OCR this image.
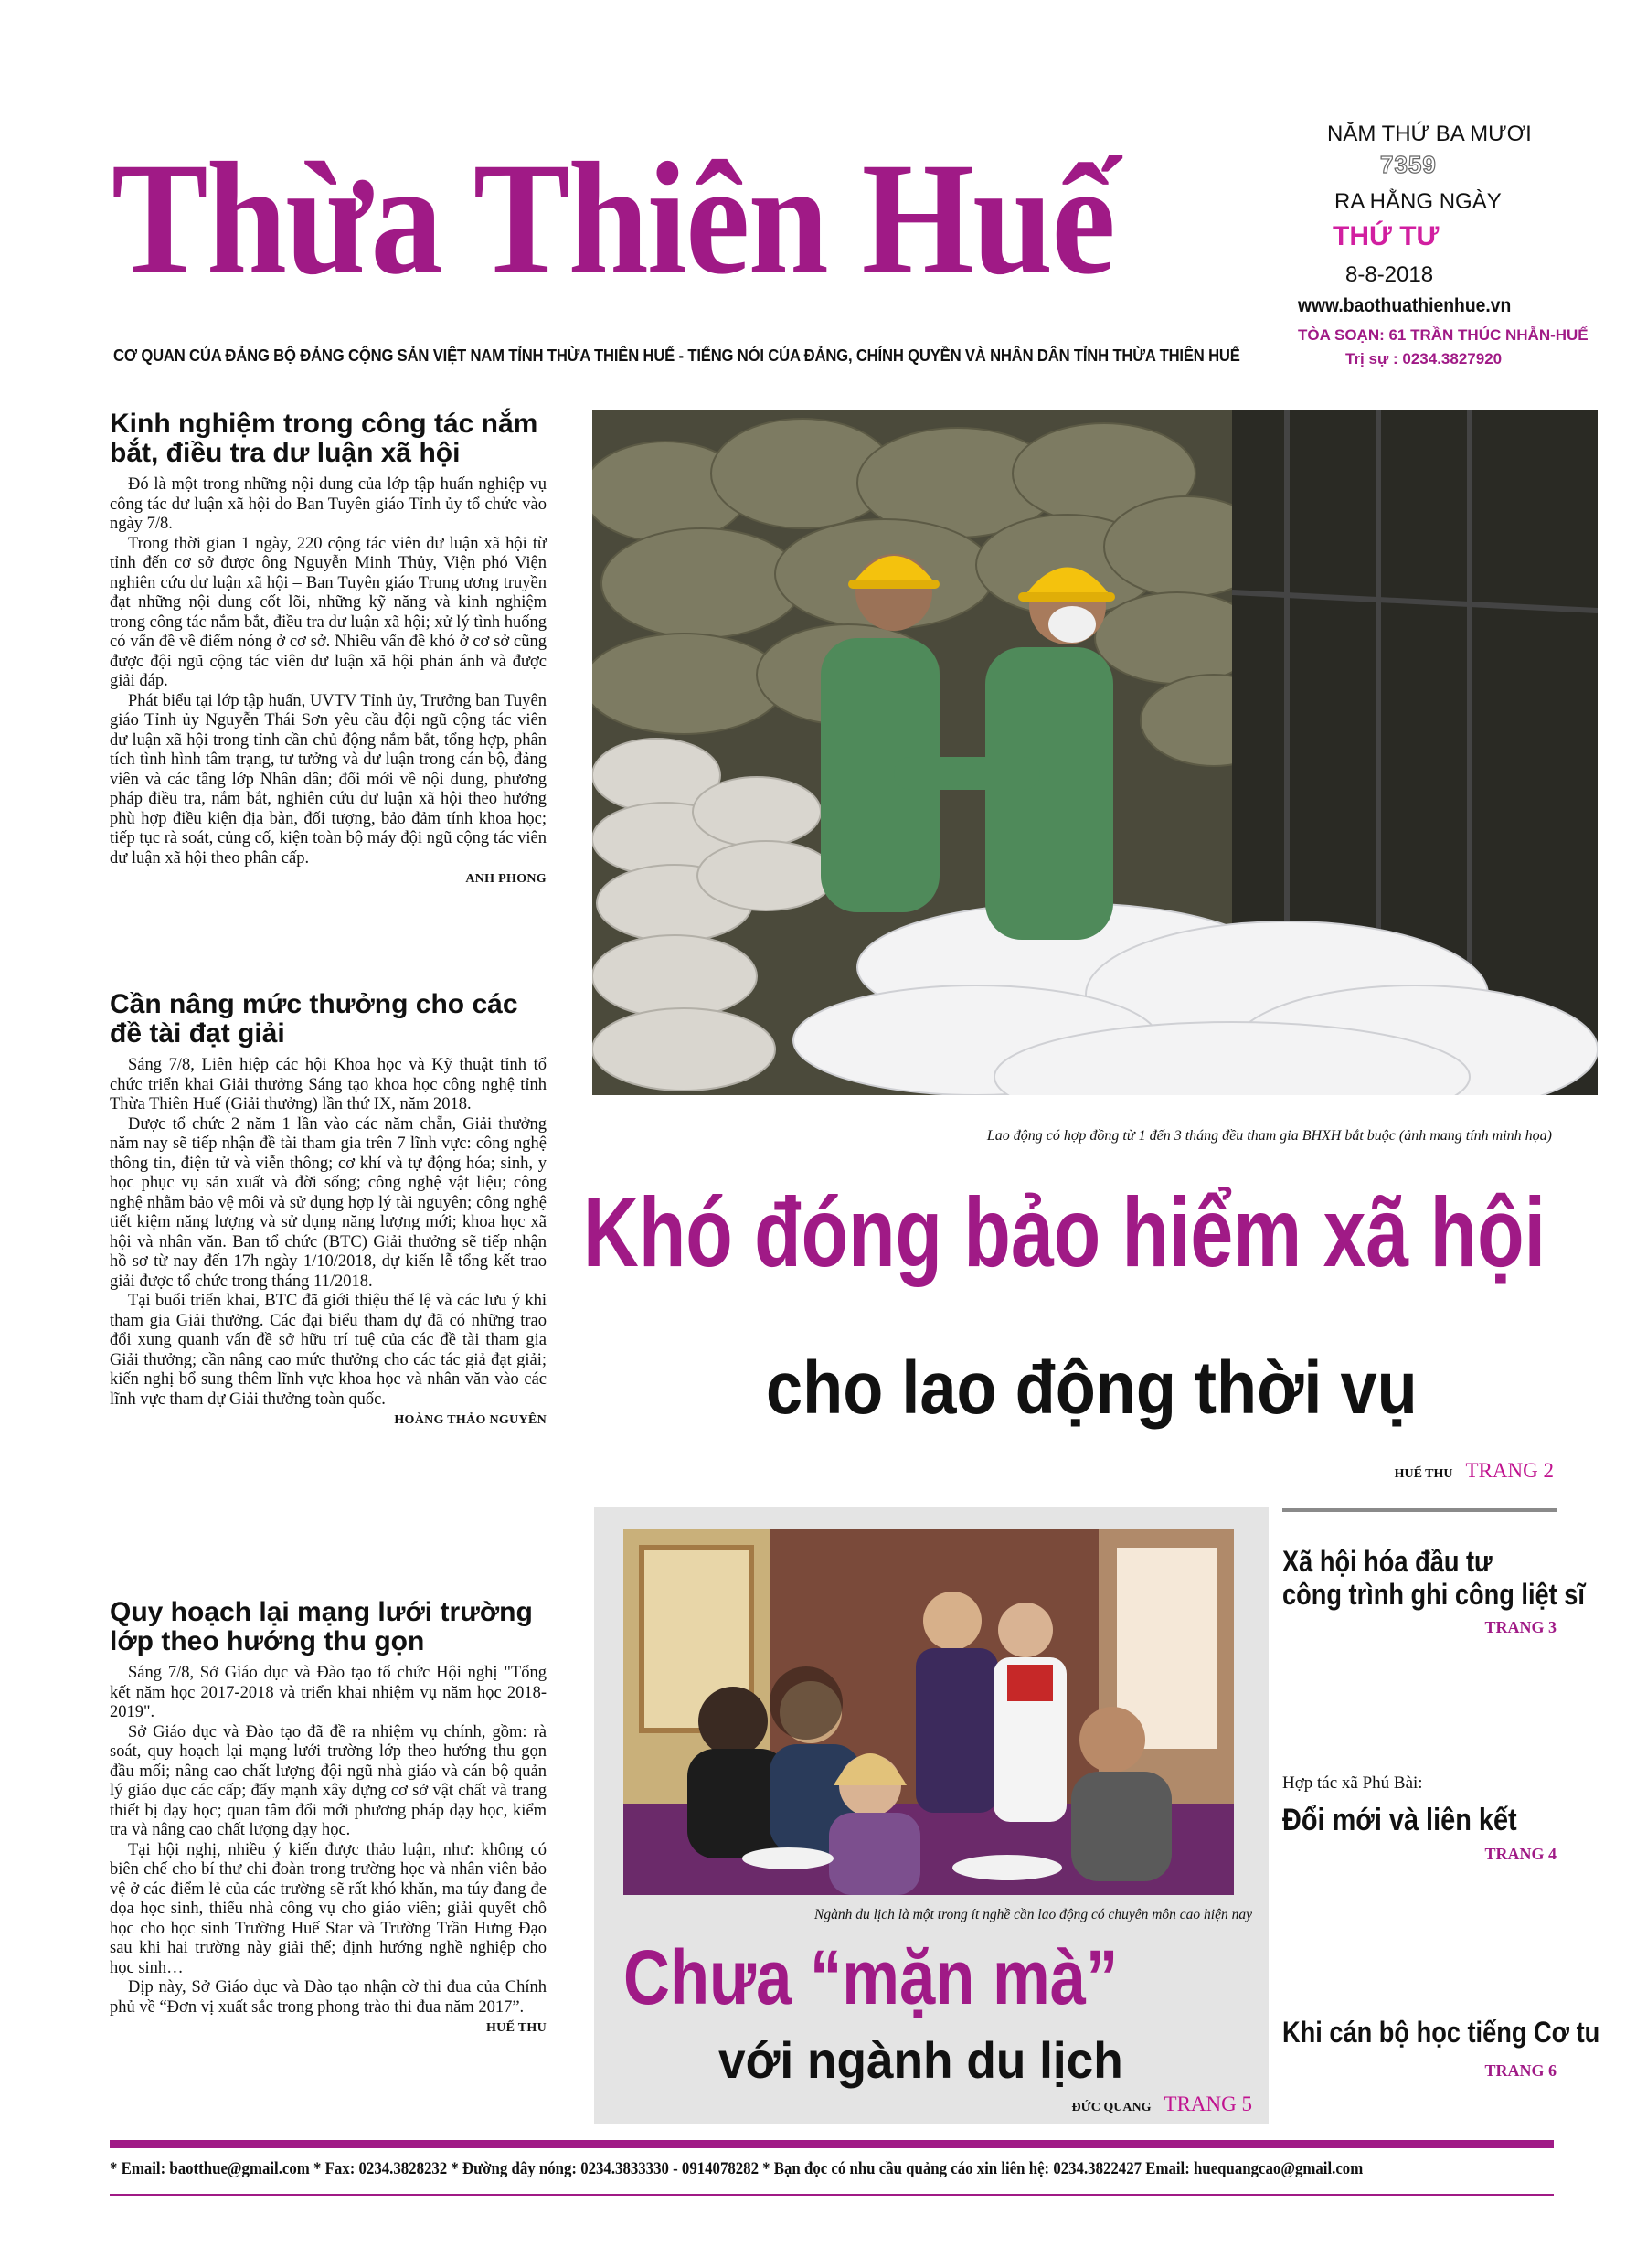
Thừa Thiên Huế
CƠ QUAN CỦA ĐẢNG BỘ ĐẢNG CỘNG SẢN VIỆT NAM TỈNH THỪA THIÊN HUẾ - TIẾNG NÓI CỦA ĐẢNG, CHÍNH QUYỀN VÀ NHÂN DÂN TỈNH THỪA THIÊN HUẾ
NĂM THỨ BA MƯƠI
7359
RA HẰNG NGÀY
THỨ TƯ
8-8-2018
www.baothuathienhue.vn
TÒA SOẠN: 61 TRẦN THÚC NHẪN-HUẾ
Trị sự : 0234.3827920
Kinh nghiệm trong công tác nắm bắt, điều tra dư luận xã hội

Đó là một trong những nội dung của lớp tập huấn nghiệp vụ công tác dư luận xã hội do Ban Tuyên giáo Tỉnh ủy tổ chức vào ngày 7/8.

Trong thời gian 1 ngày, 220 cộng tác viên dư luận xã hội từ tỉnh đến cơ sở được ông Nguyễn Minh Thủy, Viện phó Viện nghiên cứu dư luận xã hội – Ban Tuyên giáo Trung ương truyền đạt những nội dung cốt lõi, những kỹ năng và kinh nghiệm trong công tác nắm bắt, điều tra dư luận xã hội; xử lý tình huống có vấn đề về điểm nóng ở cơ sở. Nhiều vấn đề khó ở cơ sở cũng được đội ngũ cộng tác viên dư luận xã hội phản ánh và được giải đáp.

Phát biểu tại lớp tập huấn, UVTV Tỉnh ủy, Trưởng ban Tuyên giáo Tỉnh ủy Nguyễn Thái Sơn yêu cầu đội ngũ cộng tác viên dư luận xã hội trong tỉnh cần chủ động nắm bắt, tổng hợp, phân tích tình hình tâm trạng, tư tưởng và dư luận trong cán bộ, đảng viên và các tầng lớp Nhân dân; đổi mới về nội dung, phương pháp điều tra, nắm bắt, nghiên cứu dư luận xã hội theo hướng phù hợp điều kiện địa bàn, đối tượng, bảo đảm tính khoa học; tiếp tục rà soát, củng cố, kiện toàn bộ máy đội ngũ cộng tác viên dư luận xã hội theo phân cấp.

ANH PHONG
Cần nâng mức thưởng cho các đề tài đạt giải

Sáng 7/8, Liên hiệp các hội Khoa học và Kỹ thuật tỉnh tổ chức triển khai Giải thưởng Sáng tạo khoa học công nghệ tỉnh Thừa Thiên Huế (Giải thưởng) lần thứ IX, năm 2018.

Được tổ chức 2 năm 1 lần vào các năm chẵn, Giải thưởng năm nay sẽ tiếp nhận đề tài tham gia trên 7 lĩnh vực: công nghệ thông tin, điện tử và viễn thông; cơ khí và tự động hóa; sinh, y học phục vụ sản xuất và đời sống; công nghệ vật liệu; công nghệ nhằm bảo vệ môi và sử dụng hợp lý tài nguyên; công nghệ tiết kiệm năng lượng và sử dụng năng lượng mới; khoa học xã hội và nhân văn. Ban tổ chức (BTC) Giải thưởng sẽ tiếp nhận hồ sơ từ nay đến 17h ngày 1/10/2018, dự kiến lễ tổng kết trao giải được tổ chức trong tháng 11/2018.

Tại buổi triển khai, BTC đã giới thiệu thể lệ và các lưu ý khi tham gia Giải thưởng. Các đại biểu tham dự đã có những trao đổi xung quanh vấn đề sở hữu trí tuệ của các đề tài tham gia Giải thưởng; cần nâng cao mức thưởng cho các tác giả đạt giải; kiến nghị bổ sung thêm lĩnh vực khoa học và nhân văn vào các lĩnh vực tham dự Giải thưởng toàn quốc.

HOÀNG THẢO NGUYÊN
Quy hoạch lại mạng lưới trường lớp theo hướng thu gọn

Sáng 7/8, Sở Giáo dục và Đào tạo tổ chức Hội nghị "Tổng kết năm học 2017-2018 và triển khai nhiệm vụ năm học 2018-2019".

Sở Giáo dục và Đào tạo đã đề ra nhiệm vụ chính, gồm: rà soát, quy hoạch lại mạng lưới trường lớp theo hướng thu gọn đầu mối; nâng cao chất lượng đội ngũ nhà giáo và cán bộ quản lý giáo dục các cấp; đẩy mạnh xây dựng cơ sở vật chất và trang thiết bị dạy học; quan tâm đổi mới phương pháp dạy học, kiểm tra và nâng cao chất lượng dạy học.

Tại hội nghị, nhiều ý kiến được thảo luận, như: không có biên chế cho bí thư chi đoàn trong trường học và nhân viên bảo vệ ở các điểm lẻ của các trường sẽ rất khó khăn, ma túy đang đe dọa học sinh, thiếu nhà công vụ cho giáo viên; giải quyết chỗ học cho học sinh Trường Huế Star và Trường Trần Hưng Đạo sau khi hai trường này giải thể; định hướng nghề nghiệp cho học sinh…

Dịp này, Sở Giáo dục và Đào tạo nhận cờ thi đua của Chính phủ về “Đơn vị xuất sắc trong phong trào thi đua năm 2017”.

HUẾ THU
Lao động có hợp đồng từ 1 đến 3 tháng đều tham gia BHXH bắt buộc (ảnh mang tính minh họa)
Khó đóng bảo hiểm xã hội
cho lao động thời vụ
HUẾ THU TRANG 2
Ngành du lịch là một trong ít nghề cần lao động có chuyên môn cao hiện nay
Chưa “mặn mà”
với ngành du lịch
ĐỨC QUANG TRANG 5
Xã hội hóa đầu tư
công trình ghi công liệt sĩ
TRANG 3
Hợp tác xã Phú Bài:
Đổi mới và liên kết
TRANG 4
Khi cán bộ học tiếng Cơ tu
TRANG 6
* Email: baotthue@gmail.com * Fax: 0234.3828232 * Đường dây nóng: 0234.3833330 - 0914078282 * Bạn đọc có nhu cầu quảng cáo xin liên hệ: 0234.3822427 Email: huequangcao@gmail.com
